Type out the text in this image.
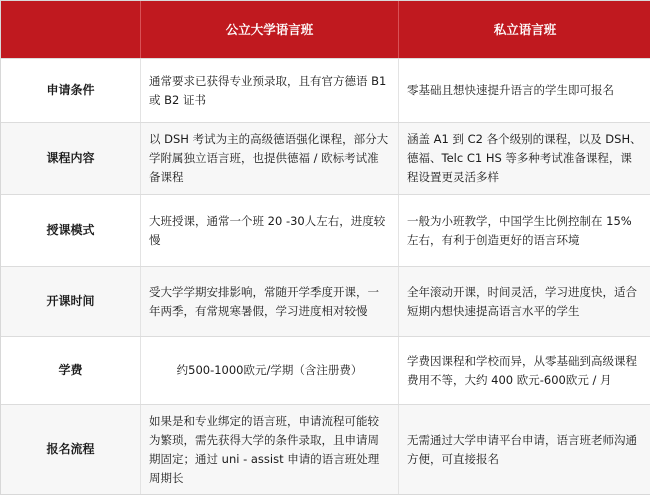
公立大学语言班	私立语言班
申请条件
通常要求已获得专业预录取，且有官方德语 B1 或 B2 证书
零基础且想快速提升语言的学生即可报名
课程内容
以 DSH 考试为主的高级德语强化课程，部分大学附属独立语言班，也提供德福 / 欧标考试准备课程
涵盖 A1 到 C2 各个级别的课程，以及 DSH、德福、Telc C1 HS 等多种考试准备课程，课程设置更灵活多样
授课模式
大班授课，通常一个班 20 -30人左右，进度较慢
一般为小班教学，中国学生比例控制在 15% 左右，有利于创造更好的语言环境
开课时间
受大学学期安排影响，常随开学季度开课，一年两季，有常规寒暑假，学习进度相对较慢
全年滚动开课，时间灵活，学习进度快，适合短期内想快速提高语言水平的学生
学费	约500-1000欧元/学期（含注册费）
学费因课程和学校而异，从零基础到高级课程费用不等，大约 400 欧元-600欧元 / 月
报名流程
如果是和专业绑定的语言班，申请流程可能较为繁琐，需先获得大学的条件录取，且申请周期固定；通过 uni - assist 申请的语言班处理周期长
无需通过大学申请平台申请，语言班老师沟通方便，可直接报名
